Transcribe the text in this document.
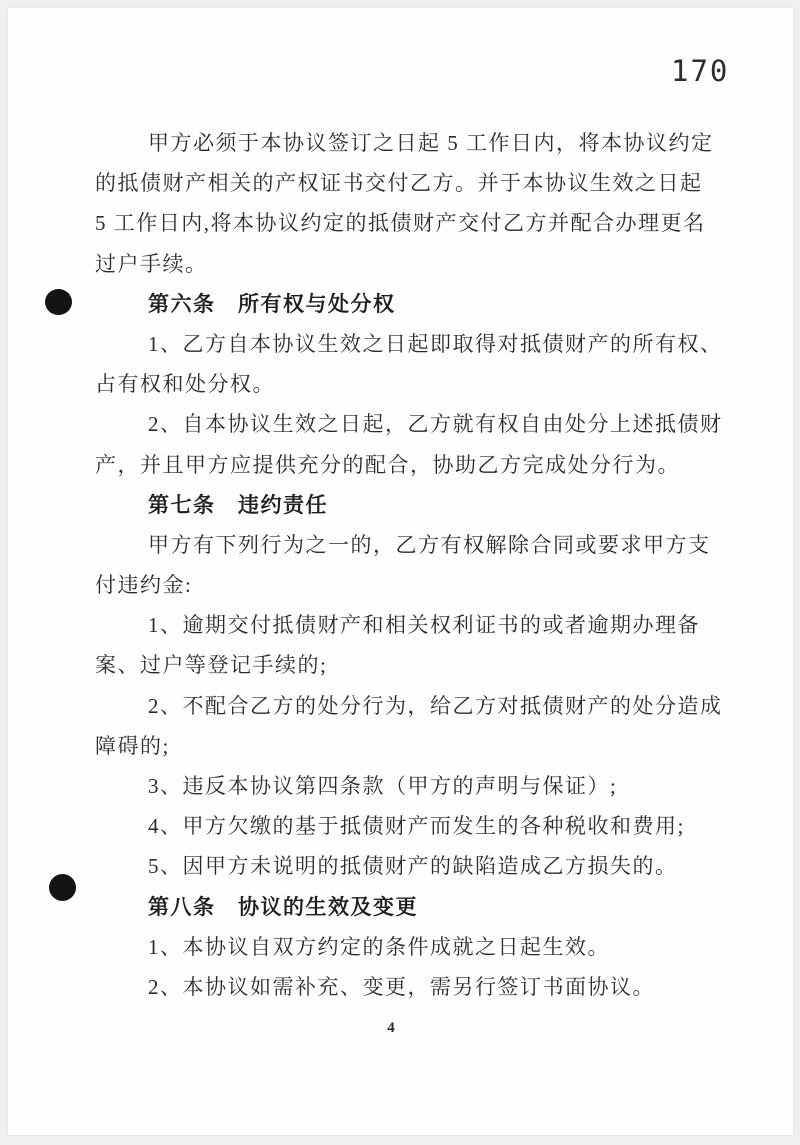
170
甲方必须于本协议签订之日起 5 工作日内，将本协议约定
的抵债财产相关的产权证书交付乙方。并于本协议生效之日起
5 工作日内,将本协议约定的抵债财产交付乙方并配合办理更名
过户手续。
第六条　所有权与处分权
1、乙方自本协议生效之日起即取得对抵债财产的所有权、
占有权和处分权。
2、自本协议生效之日起，乙方就有权自由处分上述抵债财
产，并且甲方应提供充分的配合，协助乙方完成处分行为。
第七条　违约责任
甲方有下列行为之一的，乙方有权解除合同或要求甲方支
付违约金:
1、逾期交付抵债财产和相关权利证书的或者逾期办理备
案、过户等登记手续的;
2、不配合乙方的处分行为，给乙方对抵债财产的处分造成
障碍的;
3、违反本协议第四条款（甲方的声明与保证）;
4、甲方欠缴的基于抵债财产而发生的各种税收和费用;
5、因甲方未说明的抵债财产的缺陷造成乙方损失的。
第八条　协议的生效及变更
1、本协议自双方约定的条件成就之日起生效。
2、本协议如需补充、变更，需另行签订书面协议。
4
